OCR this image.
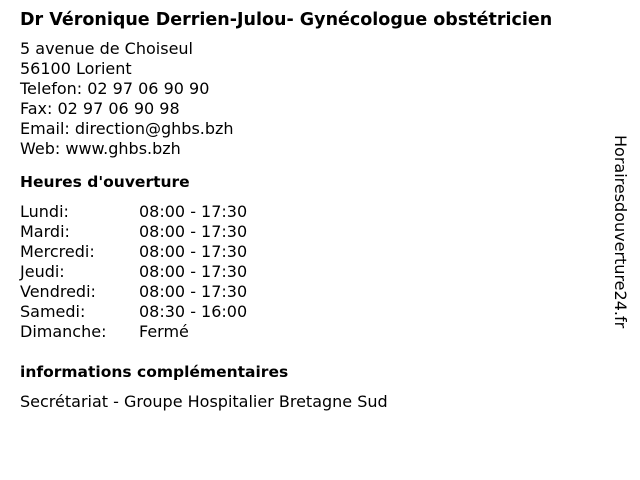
Dr Véronique Derrien-Julou- Gynécologue obstétricien
5 avenue de Choiseul
56100 Lorient
Telefon: 02 97 06 90 90
Fax: 02 97 06 90 98
Email: direction@ghbs.bzh
Web: www.ghbs.bzh
Heures d'ouverture
Lundi:	08:00 - 17:30
Mardi:	08:00 - 17:30
Mercredi:	08:00 - 17:30
Jeudi:	08:00 - 17:30
Vendredi:	08:00 - 17:30
Samedi:	08:30 - 16:00
Dimanche:	Fermé
informations complémentaires
Secrétariat - Groupe Hospitalier Bretagne Sud
Horairesdouverture24.fr
